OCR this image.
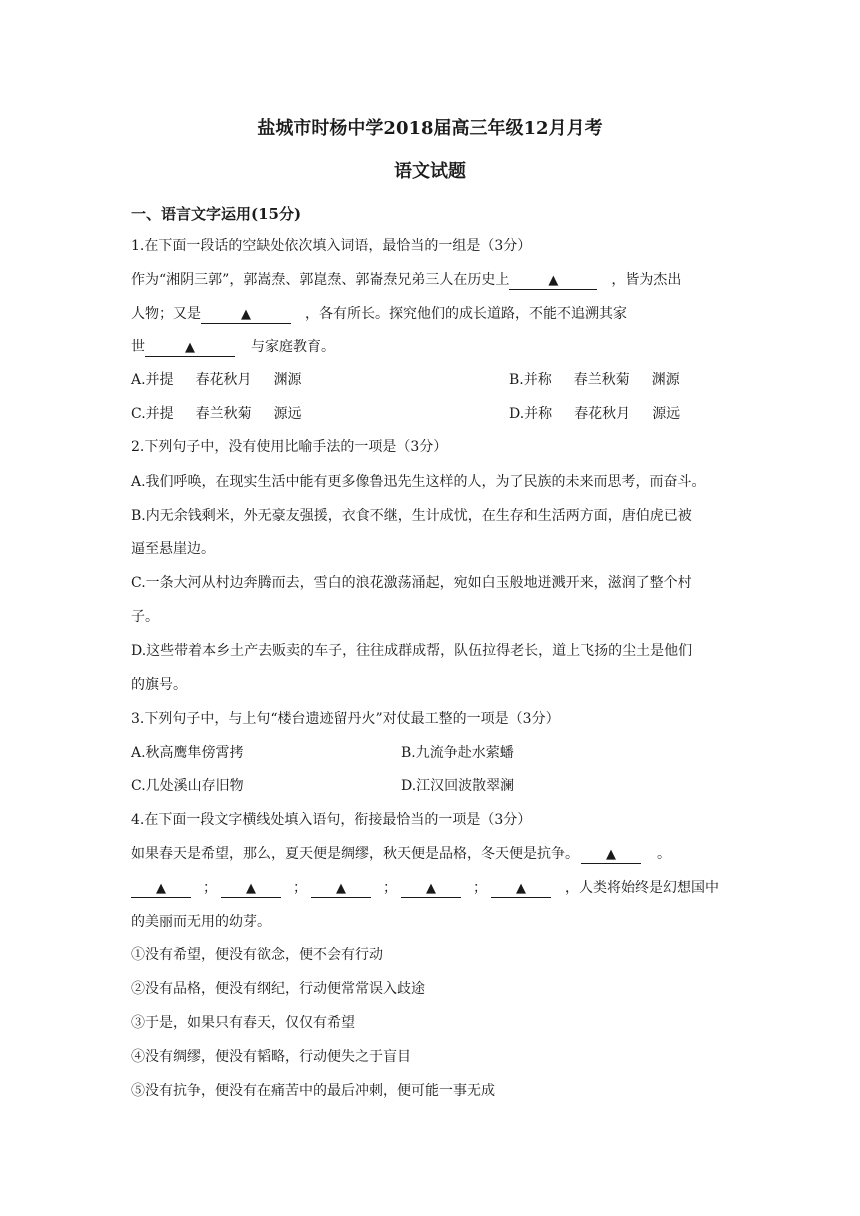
盐城市时杨中学2018届高三年级12月月考
语文试题
一、语言文字运用(15分)
1.在下面一段话的空缺处依次填入词语，最恰当的一组是（3分）
作为“湘阴三郭”，郭嵩焘、郭崑焘、郭崙焘兄弟三人在历史上	▲	，皆为杰出
人物；又是	▲	，各有所长。探究他们的成长道路，不能不追溯其家
世	▲	与家庭教育。
A.并提 春花秋月 渊源	B.并称 春兰秋菊 渊源
C.并提 春兰秋菊 源远	D.并称 春花秋月 源远
2.下列句子中，没有使用比喻手法的一项是（3分）
A.我们呼唤，在现实生活中能有更多像鲁迅先生这样的人，为了民族的未来而思考，而奋斗。
B.内无余钱剩米，外无豪友强援，衣食不继，生计成忧，在生存和生活两方面，唐伯虎已被
逼至悬崖边。
C.一条大河从村边奔腾而去，雪白的浪花激荡涌起，宛如白玉般地迸溅开来，滋润了整个村
子。
D.这些带着本乡土产去贩卖的车子，往往成群成帮，队伍拉得老长，道上飞扬的尘土是他们
的旗号。
3.下列句子中，与上句“楼台遗迹留丹火”对仗最工整的一项是（3分）
A.秋高鹰隼傍霄拷	B.九流争赴水萦蟠
C.几处溪山存旧物	D.江汉回波散翠澜
4.在下面一段文字横线处填入语句，衔接最恰当的一项是（3分）
如果春天是希望，那么，夏天便是绸缪，秋天便是品格，冬天便是抗争。 ▲	。
▲	； ▲	； ▲	； ▲	； ▲	，人类将始终是幻想国中
的美丽而无用的幼芽。
①没有希望，便没有欲念，便不会有行动
②没有品格，便没有纲纪，行动便常常误入歧途
③于是，如果只有春天，仅仅有希望
④没有绸缪，便没有韬略，行动便失之于盲目
⑤没有抗争，便没有在痛苦中的最后冲刺，便可能一事无成
